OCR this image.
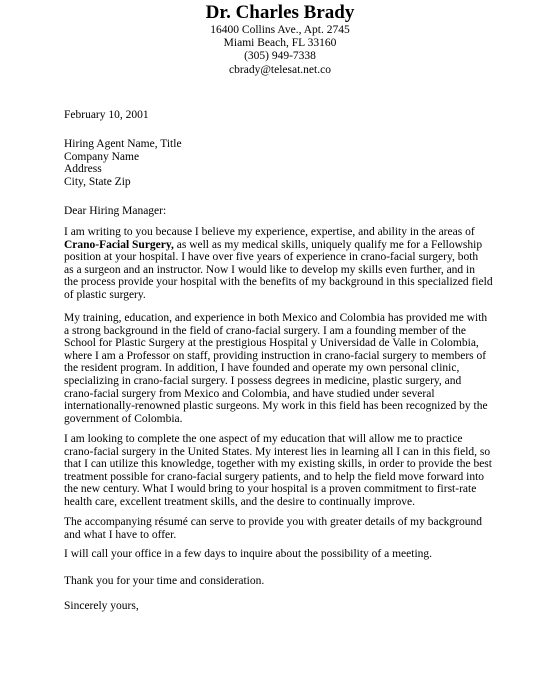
Dr. Charles Brady
16400 Collins Ave., Apt. 2745
Miami Beach, FL 33160
(305) 949-7338
cbrady@telesat.net.co
February 10, 2001
Hiring Agent Name, Title
Company Name
Address
City, State Zip
Dear Hiring Manager:
I am writing to you because I believe my experience, expertise, and ability in the areas of
Crano-Facial Surgery, as well as my medical skills, uniquely qualify me for a Fellowship
position at your hospital. I have over five years of experience in crano-facial surgery, both
as a surgeon and an instructor. Now I would like to develop my skills even further, and in
the process provide your hospital with the benefits of my background in this specialized field
of plastic surgery.
My training, education, and experience in both Mexico and Colombia has provided me with
a strong background in the field of crano-facial surgery. I am a founding member of the
School for Plastic Surgery at the prestigious Hospital y Universidad de Valle in Colombia,
where I am a Professor on staff, providing instruction in crano-facial surgery to members of
the resident program. In addition, I have founded and operate my own personal clinic,
specializing in crano-facial surgery. I possess degrees in medicine, plastic surgery, and
crano-facial surgery from Mexico and Colombia, and have studied under several
internationally-renowned plastic surgeons. My work in this field has been recognized by the
government of Colombia.
I am looking to complete the one aspect of my education that will allow me to practice
crano-facial surgery in the United States. My interest lies in learning all I can in this field, so
that I can utilize this knowledge, together with my existing skills, in order to provide the best
treatment possible for crano-facial surgery patients, and to help the field move forward into
the new century. What I would bring to your hospital is a proven commitment to first-rate
health care, excellent treatment skills, and the desire to continually improve.
The accompanying résumé can serve to provide you with greater details of my background
and what I have to offer.
I will call your office in a few days to inquire about the possibility of a meeting.
Thank you for your time and consideration.
Sincerely yours,
